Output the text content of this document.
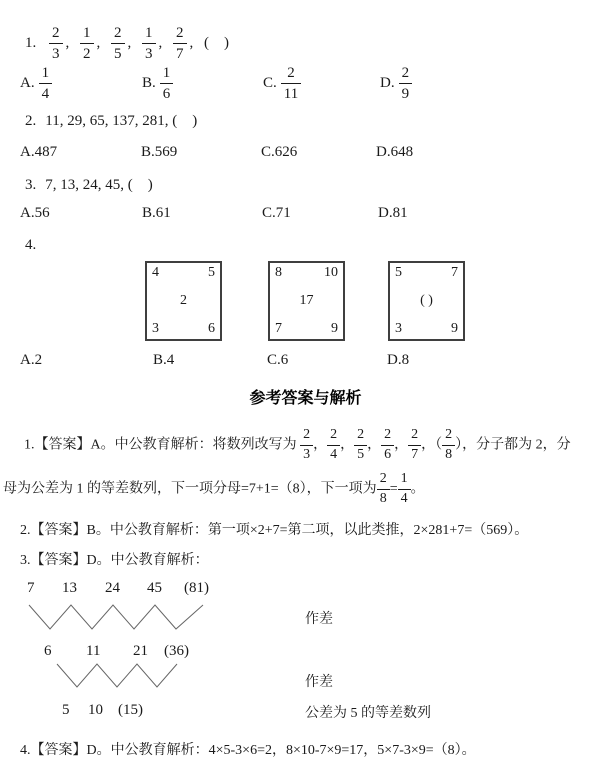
1. $\frac{2}{3}$ , $\frac{1}{2}$ , $\frac{2}{5}$ , $\frac{1}{3}$ , $\frac{2}{7}$ , (    )
A. $\frac{1}{4}$	B. $\frac{1}{6}$	C. $\frac{2}{11}$	D. $\frac{2}{9}$
2. 11, 29, 65, 137, 281, (    )
A.487	B.569	C.626	D.648
3. 7, 13, 24, 45, (    )
A.56	B.61	C.71	D.81
4.
4	5
2
3	6
8	10
17
7	9
5	7
( )
3	9
A.2	B.4	C.6	D.8
参考答案与解析
1.【答案】A。中公教育解析：将数列改写为 $\frac{2}{3}$ ， $\frac{2}{4}$ ， $\frac{2}{5}$ ， $\frac{2}{6}$ ， $\frac{2}{7}$ ，（ $\frac{2}{8}$ ），分子都为 2，分
母为公差为 1 的等差数列，下一项分母=7+1=（8），下一项为 $\frac{2}{8} = \frac{1}{4}$ 。
2.【答案】B。中公教育解析：第一项×2+7=第二项，以此类推，2×281+7=（569）。
3.【答案】D。中公教育解析：
7 13 24 45 (81)
作差
6 11 21 (36)
作差
5 10 (15)	公差为 5 的等差数列
4.【答案】D。中公教育解析：4×5-3×6=2，8×10-7×9=17，5×7-3×9=（8）。
